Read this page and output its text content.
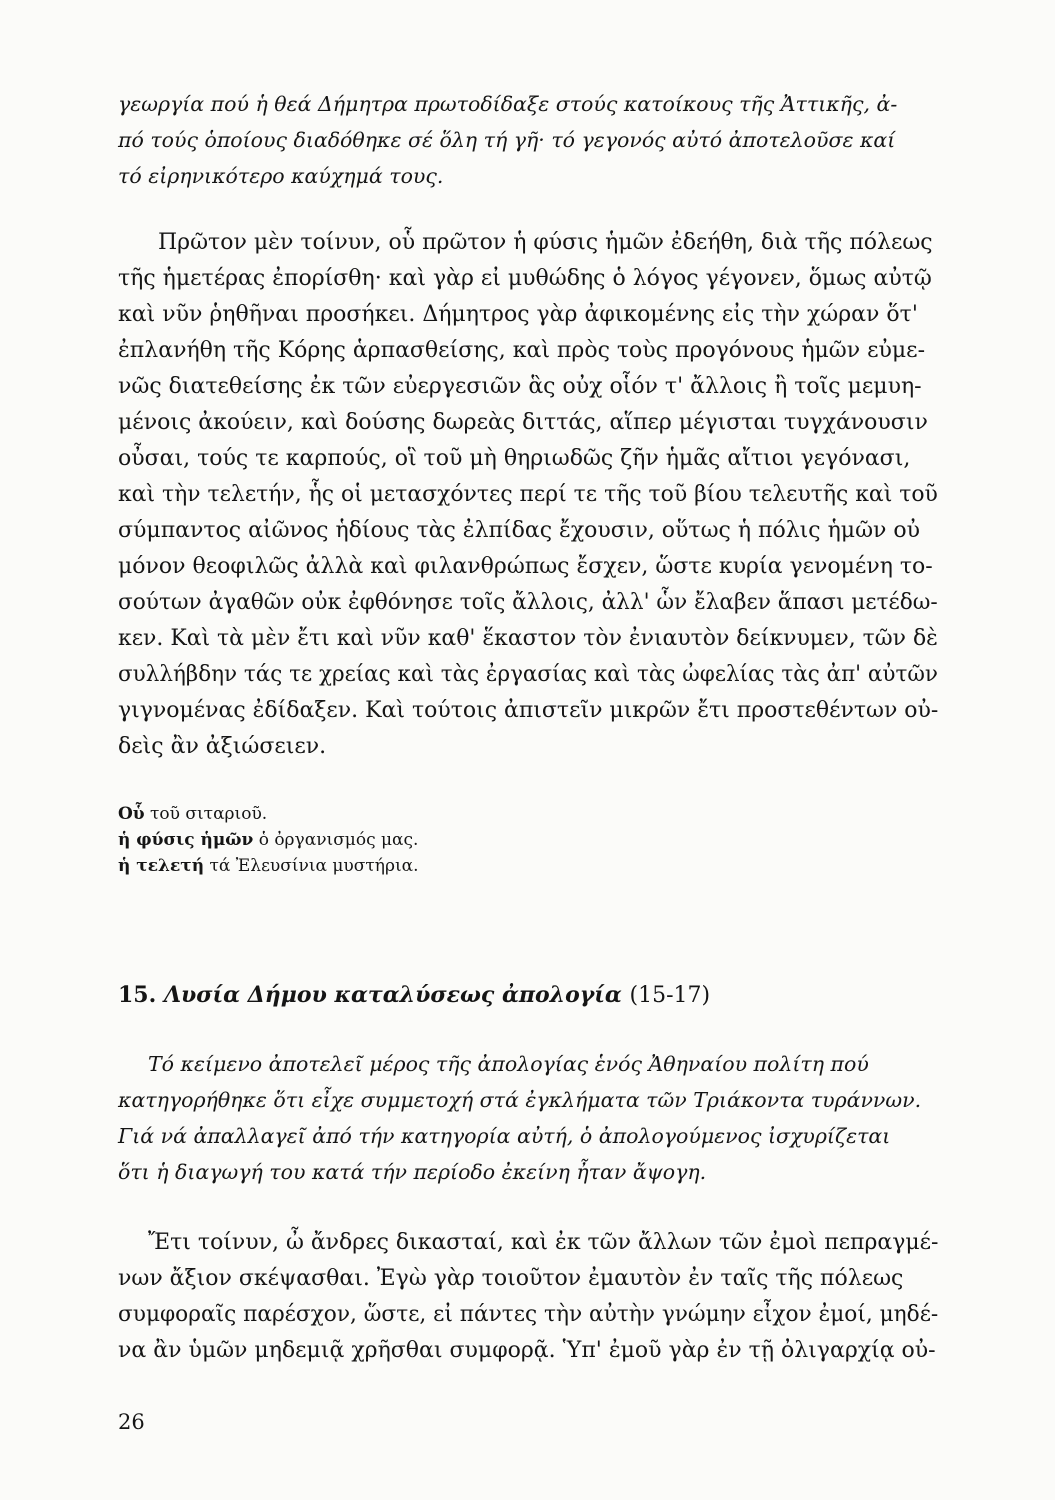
γεωργία πού ἡ θεά Δήμητρα πρωτοδίδαξε στούς κατοίκους τῆς Ἀττικῆς, ἀ-

πό τούς ὁποίους διαδόθηκε σέ ὅλη τή γῆ· τό γεγονός αὐτό ἀποτελοῦσε καί

τό εἰρηνικότερο καύχημά τους.

Πρῶτον μὲν τοίνυν, οὗ πρῶτον ἡ φύσις ἡμῶν ἐδεήθη, διὰ τῆς πόλεως

τῆς ἡμετέρας ἐπορίσθη· καὶ γὰρ εἰ μυθώδης ὁ λόγος γέγονεν, ὅμως αὐτῷ

καὶ νῦν ῥηθῆναι προσήκει. Δήμητρος γὰρ ἀφικομένης εἰς τὴν χώραν ὅτ'

ἐπλανήθη τῆς Κόρης ἁρπασθείσης, καὶ πρὸς τοὺς προγόνους ἡμῶν εὐμε-

νῶς διατεθείσης ἐκ τῶν εὐεργεσιῶν ἃς οὐχ οἷόν τ' ἄλλοις ἢ τοῖς μεμυη-

μένοις ἀκούειν, καὶ δούσης δωρεὰς διττάς, αἵπερ μέγισται τυγχάνουσιν

οὖσαι, τούς τε καρπούς, οἳ τοῦ μὴ θηριωδῶς ζῆν ἡμᾶς αἴτιοι γεγόνασι,

καὶ τὴν τελετήν, ἧς οἱ μετασχόντες περί τε τῆς τοῦ βίου τελευτῆς καὶ τοῦ

σύμπαντος αἰῶνος ἡδίους τὰς ἐλπίδας ἔχουσιν, οὕτως ἡ πόλις ἡμῶν οὐ

μόνον θεοφιλῶς ἀλλὰ καὶ φιλανθρώπως ἔσχεν, ὥστε κυρία γενομένη το-

σούτων ἀγαθῶν οὐκ ἐφθόνησε τοῖς ἄλλοις, ἀλλ' ὧν ἔλαβεν ἅπασι μετέδω-

κεν. Καὶ τὰ μὲν ἔτι καὶ νῦν καθ' ἕκαστον τὸν ἐνιαυτὸν δείκνυμεν, τῶν δὲ

συλλήβδην τάς τε χρείας καὶ τὰς ἐργασίας καὶ τὰς ὠφελίας τὰς ἀπ' αὐτῶν

γιγνομένας ἐδίδαξεν. Καὶ τούτοις ἀπιστεῖν μικρῶν ἔτι προστεθέντων οὐ-

δεὶς ἂν ἀξιώσειεν.

Οὗ τοῦ σιταριοῦ.

ἡ φύσις ἡμῶν ὁ ὀργανισμός μας.

ἡ τελετή τά Ἐλευσίνια μυστήρια.

15. Λυσία Δήμου καταλύσεως ἀπολογία (15-17)

Τό κείμενο ἀποτελεῖ μέρος τῆς ἀπολογίας ἑνός Ἀθηναίου πολίτη πού

κατηγορήθηκε ὅτι εἶχε συμμετοχή στά ἐγκλήματα τῶν Τριάκοντα τυράννων.

Γιά νά ἀπαλλαγεῖ ἀπό τήν κατηγορία αὐτή, ὁ ἀπολογούμενος ἰσχυρίζεται

ὅτι ἡ διαγωγή του κατά τήν περίοδο ἐκείνη ἦταν ἄψογη.

Ἔτι τοίνυν, ὦ ἄνδρες δικασταί, καὶ ἐκ τῶν ἄλλων τῶν ἐμοὶ πεπραγμέ-

νων ἄξιον σκέψασθαι. Ἐγὼ γὰρ τοιοῦτον ἐμαυτὸν ἐν ταῖς τῆς πόλεως

συμφοραῖς παρέσχον, ὥστε, εἰ πάντες τὴν αὐτὴν γνώμην εἶχον ἐμοί, μηδέ-

να ἂν ὑμῶν μηδεμιᾷ χρῆσθαι συμφορᾷ. Ὑπ' ἐμοῦ γὰρ ἐν τῇ ὀλιγαρχίᾳ οὐ-

26
